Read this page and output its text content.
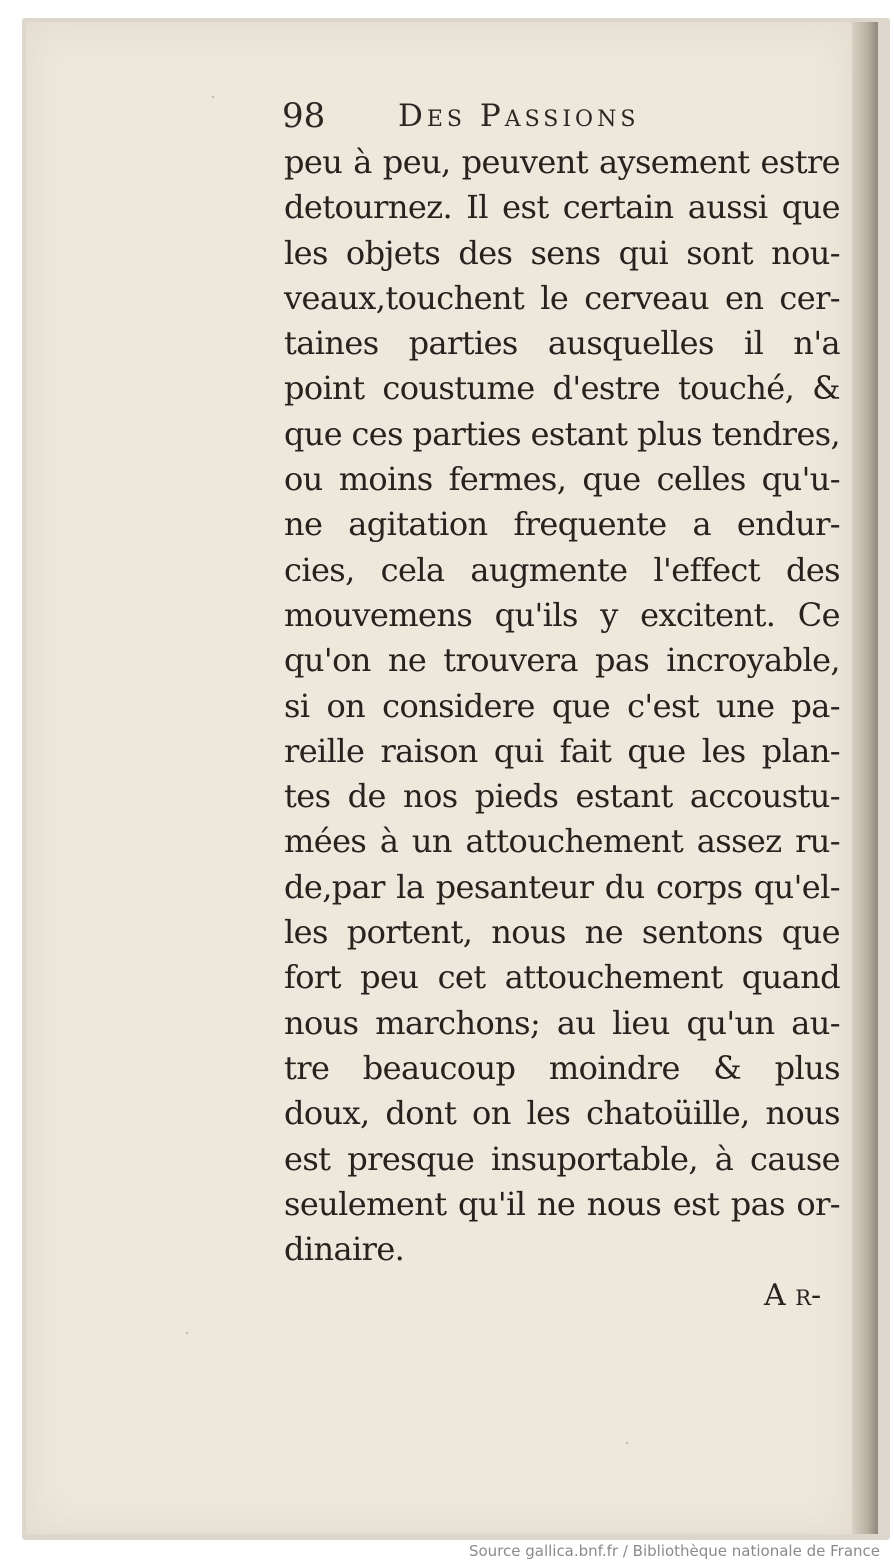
98 Des Passions
peu à peu, peuvent aysement estre
detournez. Il est certain aussi que
les objets des sens qui sont nou-
veaux,touchent le cerveau en cer-
taines parties ausquelles il n'a
point coustume d'estre touché, &
que ces parties estant plus tendres,
ou moins fermes, que celles qu'u-
ne agitation frequente a endur-
cies, cela augmente l'effect des
mouvemens qu'ils y excitent. Ce
qu'on ne trouvera pas incroyable,
si on considere que c'est une pa-
reille raison qui fait que les plan-
tes de nos pieds estant accoustu-
mées à un attouchement assez ru-
de,par la pesanteur du corps qu'el-
les portent, nous ne sentons que
fort peu cet attouchement quand
nous marchons; au lieu qu'un au-
tre beaucoup moindre & plus
doux, dont on les chatoüille, nous
est presque insuportable, à cause
seulement qu'il ne nous est pas or-
dinaire.
A r-
Source gallica.bnf.fr / Bibliothèque nationale de France
